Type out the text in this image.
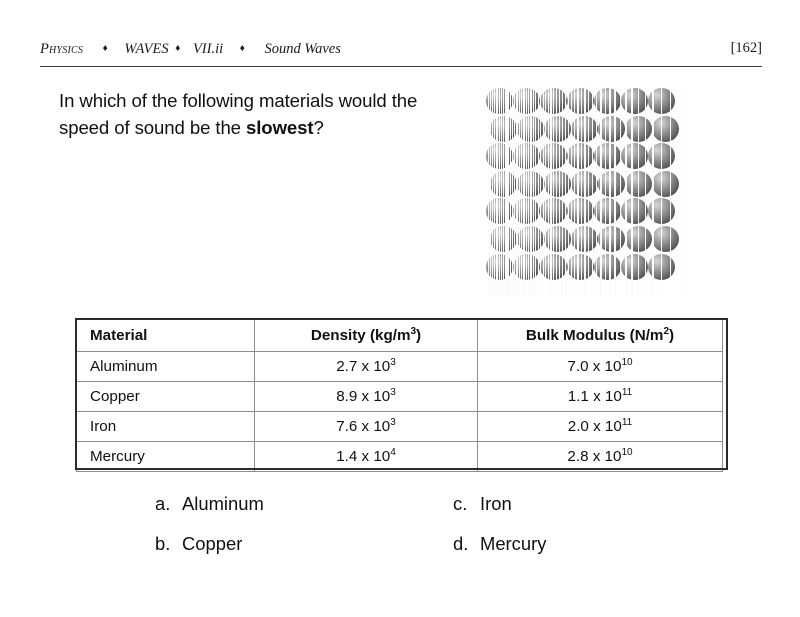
Physics ♦ WAVES ♦ VII.ii ♦ Sound Waves	[162]
In which of the following materials would the speed of sound be the slowest?
Material	Density $(kg/m^3)$	Bulk Modulus $(N/m^2)$
Aluminum	2.7 x $10^3$	7.0 x $10^{10}$
Copper	8.9 x $10^3$	1.1 x $10^{11}$
Iron	7.6 x $10^3$	2.0 x $10^{11}$
Mercury	1.4 x $10^4$	2.8 x $10^{10}$
a. Aluminum	c. Iron
b. Copper	d. Mercury
